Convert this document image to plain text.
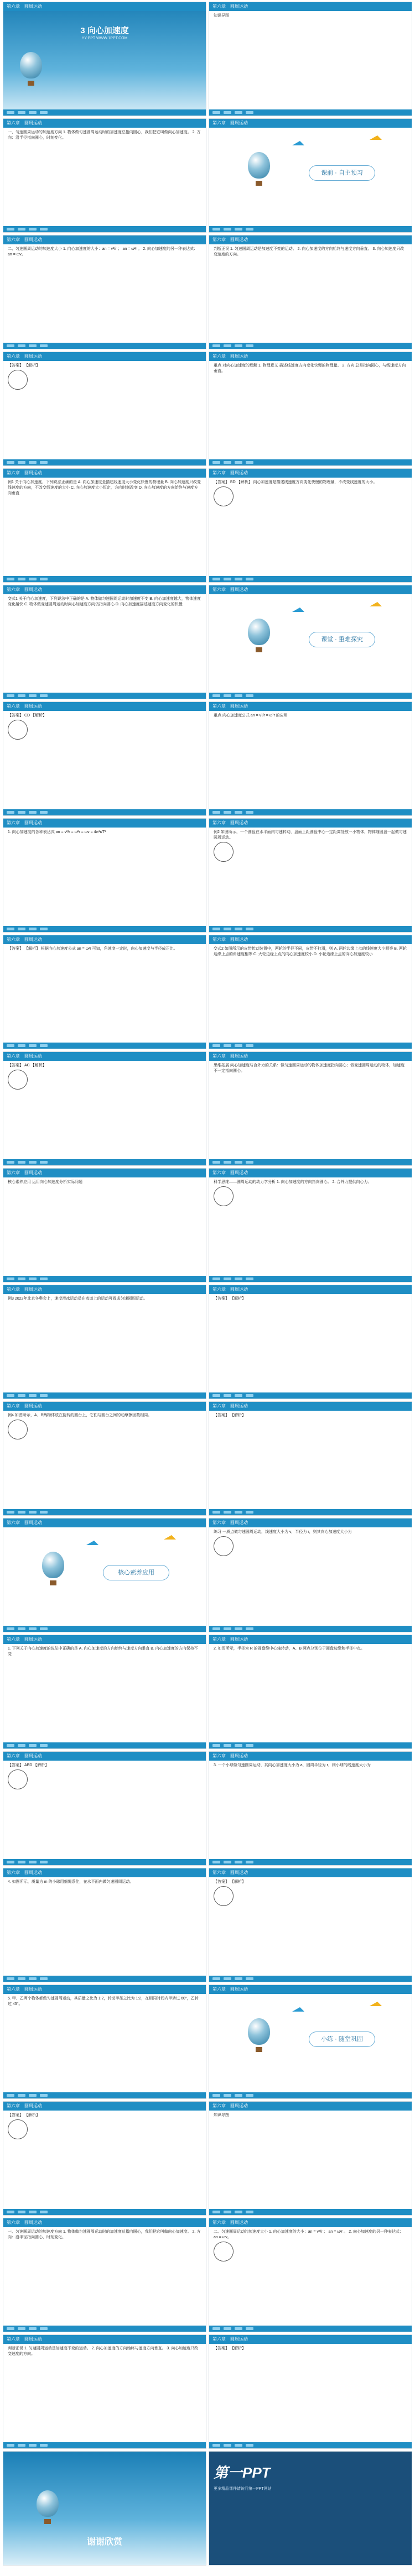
第六章 圆周运动
3 向心加速度
YY-PPT WWW.1PPT.COM
第六章 圆周运动

知识导图

第六章 圆周运动

一、匀速圆周运动的加速度方向 1. 物体做匀速圆周运动时的加速度总指向圆心，我们把它叫做向心加速度。 2. 方向：沿半径指向圆心，时刻变化。

第六章 圆周运动
课前 · 自主预习
第六章 圆周运动

二、匀速圆周运动的加速度大小 1. 向心加速度的大小：an = v²/r ； an = ω²r 。 2. 向心加速度的另一种表达式：an = ωv。

第六章 圆周运动

判断正误 1. 匀速圆周运动是加速度不变的运动。 2. 向心加速度的方向始终与速度方向垂直。 3. 向心加速度只改变速度的方向。

第六章 圆周运动

【答案】 【解析】

第六章 圆周运动

重点 对向心加速度的理解 1. 物理意义 描述线速度方向变化快慢的物理量。 2. 方向 总是指向圆心，与线速度方向垂直。

第六章 圆周运动

例1 关于向心加速度，下列说法正确的是 A. 向心加速度是描述线速度大小变化快慢的物理量 B. 向心加速度只改变线速度的方向，不改变线速度的大小 C. 向心加速度大小恒定，方向时刻改变 D. 向心加速度的方向始终与速度方向垂直

第六章 圆周运动

【答案】 BD 【解析】 向心加速度是描述线速度方向变化快慢的物理量，不改变线速度的大小。

第六章 圆周运动

变式1 关于向心加速度，下列说法中正确的是 A. 物体做匀速圆周运动时加速度不变 B. 向心加速度越大，物体速度变化越快 C. 物体做变速圆周运动时向心加速度方向仍指向圆心 D. 向心加速度描述速度方向变化的快慢

第六章 圆周运动
课堂 · 重难探究
第六章 圆周运动

【答案】 CD 【解析】

第六章 圆周运动

重点 向心加速度公式 an = v²/r = ω²r 的应用

第六章 圆周运动

1. 向心加速度的各种表达式 an = v²/r = ω²r = ωv = 4π²r/T²

第六章 圆周运动

例2 如图所示，一个圆盘在水平面内匀速转动，盘面上距圆盘中心一定距离处放一小物体，物体随圆盘一起做匀速圆周运动。

第六章 圆周运动

【答案】 【解析】 根据向心加速度公式 an = ω²r 可知，角速度一定时，向心加速度与半径成正比。

第六章 圆周运动

变式2 如图所示的皮带传动装置中，两轮的半径不同，皮带不打滑，则 A. 两轮边缘上点的线速度大小相等 B. 两轮边缘上点的角速度相等 C. 大轮边缘上点的向心加速度较小 D. 小轮边缘上点的向心加速度较小

第六章 圆周运动

【答案】 AC 【解析】

第六章 圆周运动

思维拓展 向心加速度与合外力的关系：做匀速圆周运动的物体加速度指向圆心；做变速圆周运动的物体，加速度不一定指向圆心。

第六章 圆周运动

核心素养应用 运用向心加速度分析实际问题

第六章 圆周运动

科学思维——圆周运动的动力学分析 1. 向心加速度的方向指向圆心。 2. 合外力提供向心力。

第六章 圆周运动

例3 2022年北京冬奥会上，速度滑冰运动员在弯道上的运动可看成匀速圆周运动。

第六章 圆周运动

【答案】 【解析】

第六章 圆周运动

例4 如图所示，A、B两物体放在旋转的圆台上，它们与圆台之间的动摩擦因数相同。

第六章 圆周运动

【答案】 【解析】

第六章 圆周运动
核心素养应用
第六章 圆周运动

练习 一质点做匀速圆周运动，线速度大小为 v，半径为 r，则其向心加速度大小为

第六章 圆周运动

1. 下列关于向心加速度的说法中正确的是 A. 向心加速度的方向始终与速度方向垂直 B. 向心加速度的方向保持不变

第六章 圆周运动

2. 如图所示，半径为 R 的圆盘绕中心轴转动，A、B 两点分别位于圆盘边缘和半径中点。

第六章 圆周运动

【答案】 ABD 【解析】

第六章 圆周运动

3. 一个小球做匀速圆周运动，其向心加速度大小为 a，圆周半径为 r，则小球的线速度大小为

第六章 圆周运动

4. 如图所示，质量为 m 的小球用细绳系住，在水平面内做匀速圆周运动。

第六章 圆周运动

【答案】 【解析】

第六章 圆周运动

5. 甲、乙两个物体都做匀速圆周运动，其质量之比为 1:2，转动半径之比为 1:2，在相同时间内甲转过 60°，乙转过 45°。

第六章 圆周运动
小练 · 随堂巩固
第六章 圆周运动

【答案】 【解析】

第六章 圆周运动

知识导图

第六章 圆周运动

一、匀速圆周运动的加速度方向 1. 物体做匀速圆周运动时的加速度总指向圆心，我们把它叫做向心加速度。 2. 方向：沿半径指向圆心，时刻变化。

第六章 圆周运动

二、匀速圆周运动的加速度大小 1. 向心加速度的大小：an = v²/r ； an = ω²r 。 2. 向心加速度的另一种表达式：an = ωv。

第六章 圆周运动

判断正误 1. 匀速圆周运动是加速度不变的运动。 2. 向心加速度的方向始终与速度方向垂直。 3. 向心加速度只改变速度的方向。

第六章 圆周运动

【答案】 【解析】

谢谢欣赏
第一PPT
更多精品课件请访问第一PPT网站
